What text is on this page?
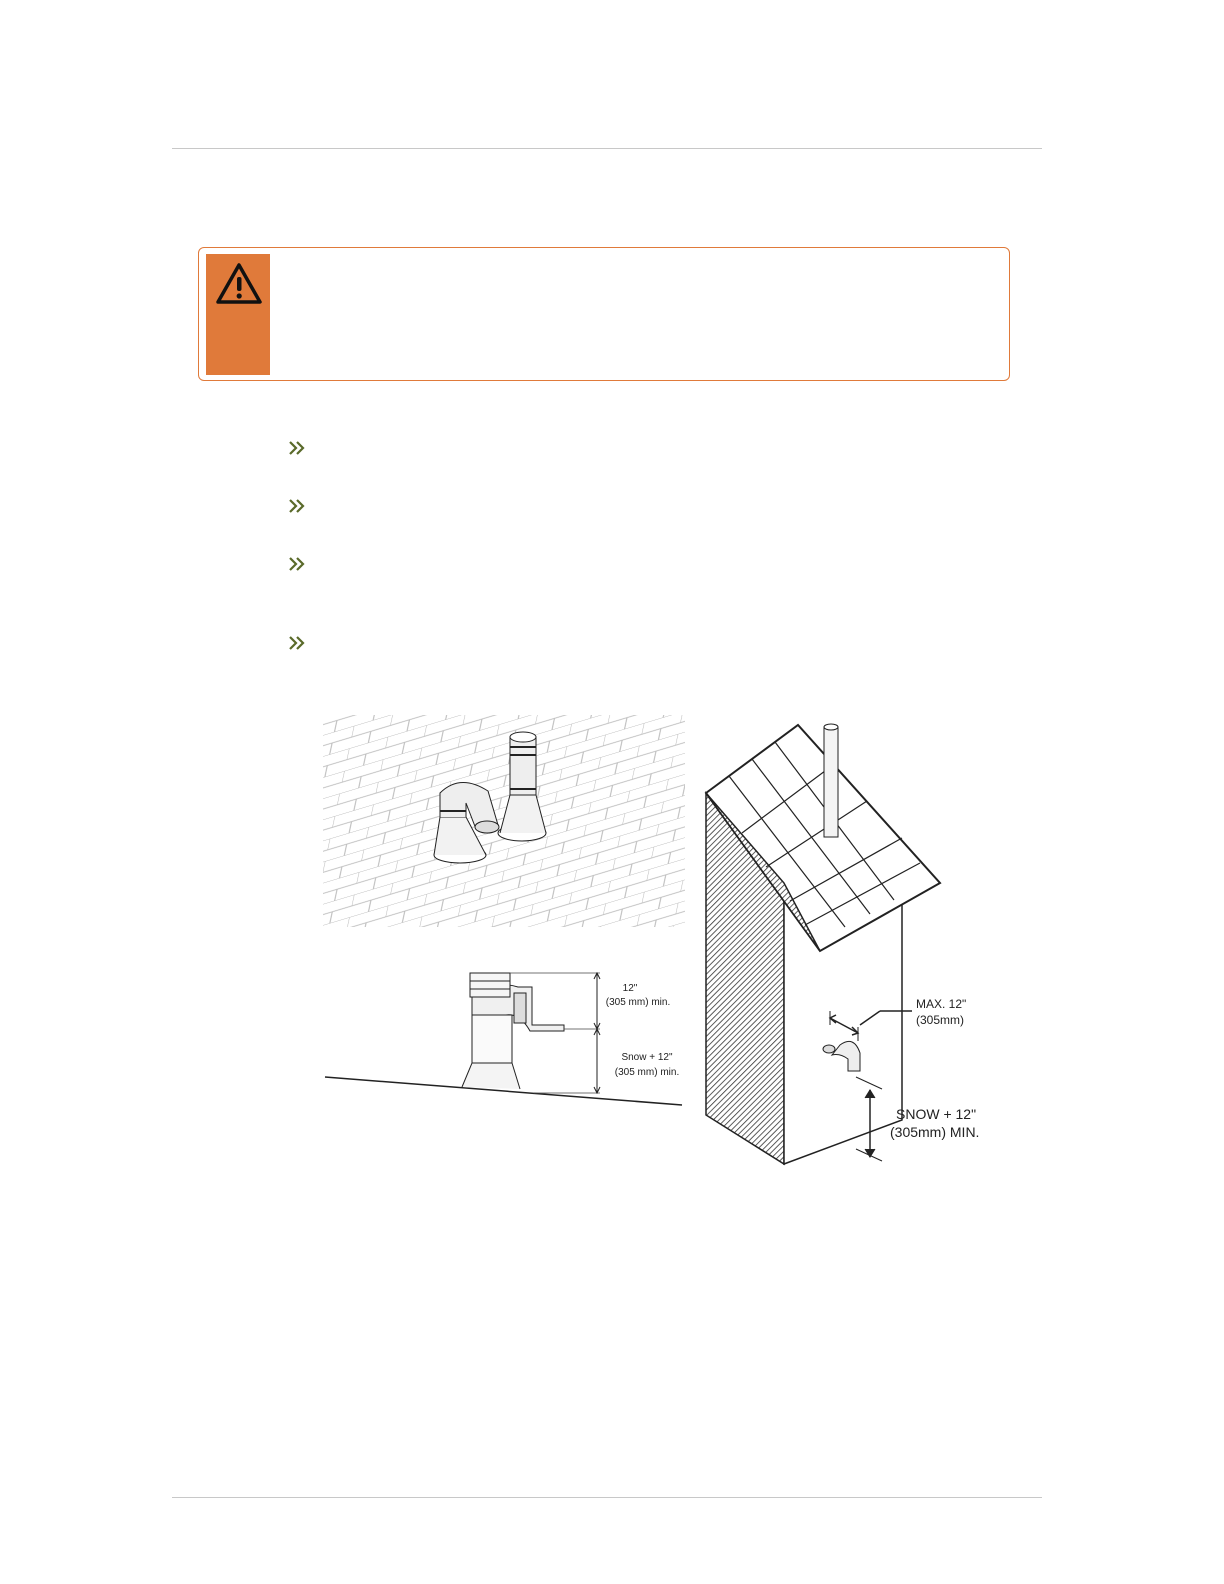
12"
(305 mm) min.
Snow + 12"
(305 mm) min.
MAX. 12"
(305mm)
SNOW + 12"
(305mm) MIN.
